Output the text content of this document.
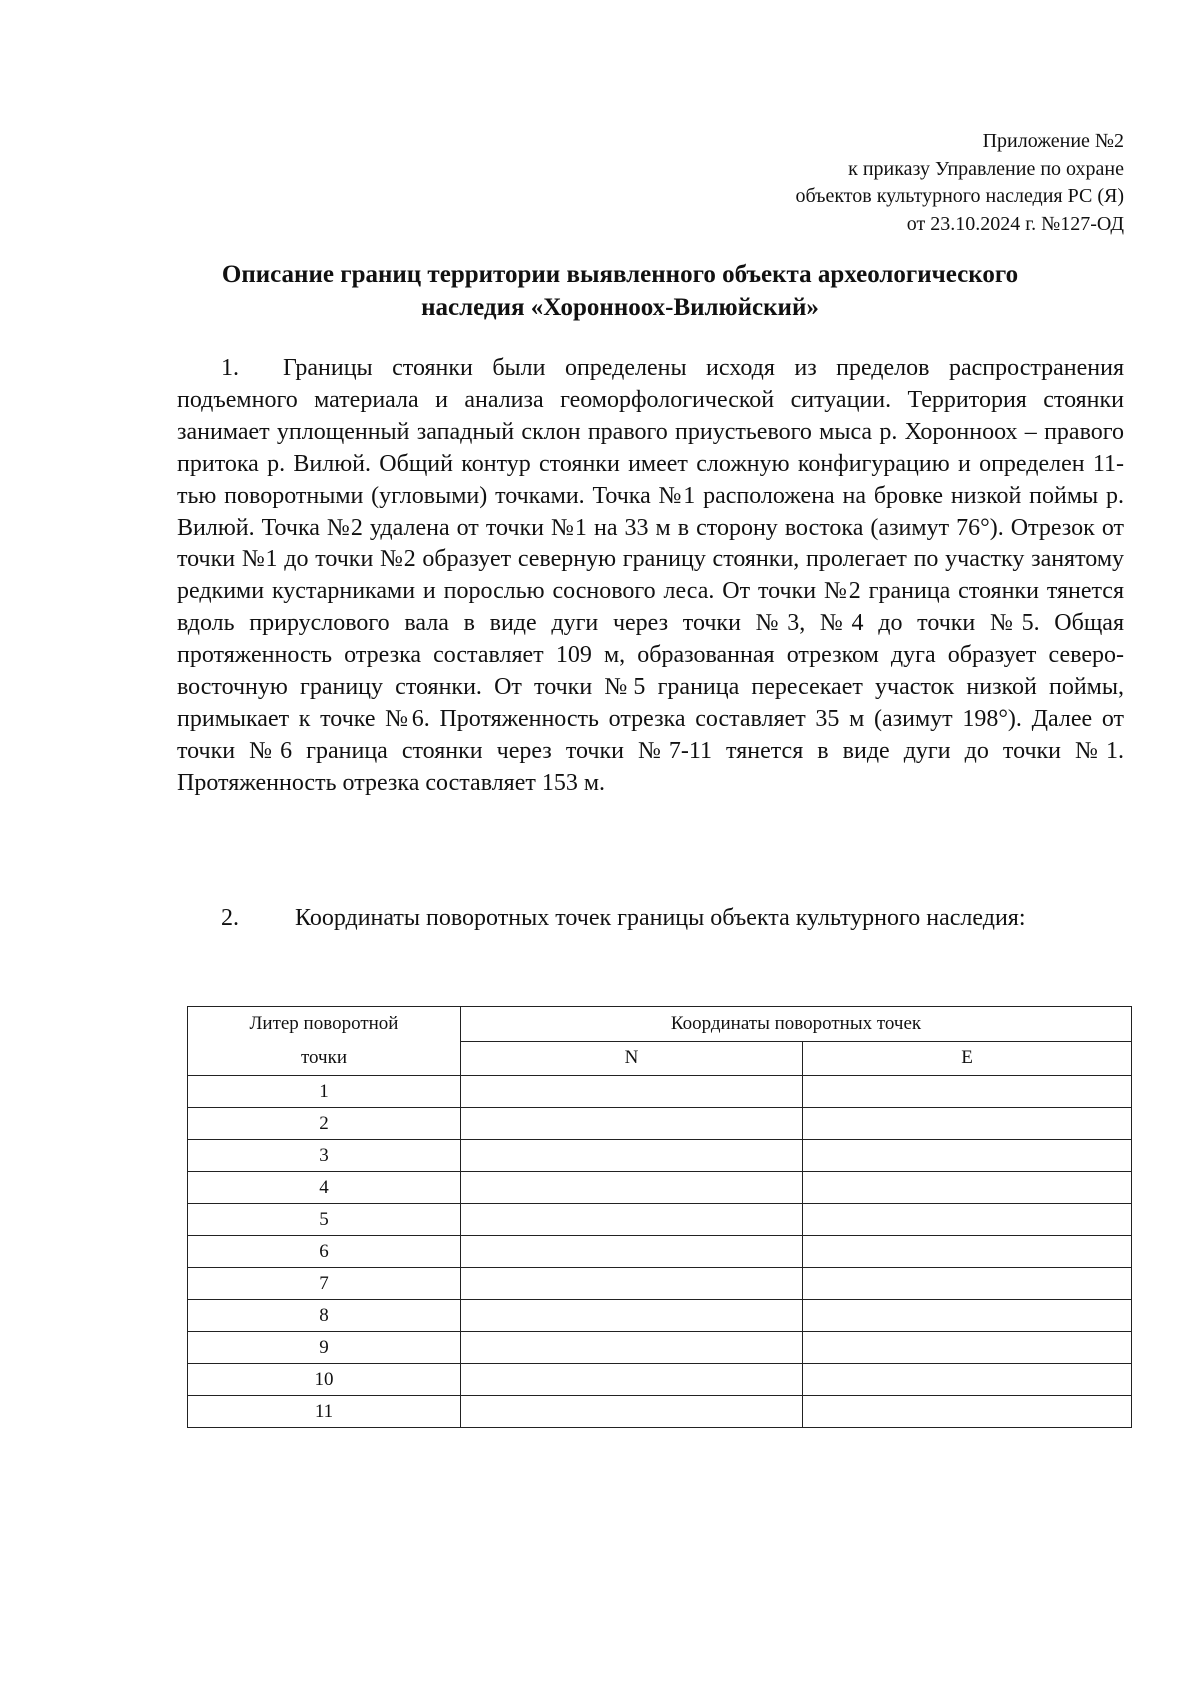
Приложение №2
к приказу Управление по охране
объектов культурного наследия РС (Я)
от 23.10.2024 г. №127-ОД
Описание границ территории выявленного объекта археологического
наследия «Хоронноох-Вилюйский»

1. Границы стоянки были определены исходя из пределов распространения подъемного материала и анализа геоморфологической ситуации. Территория стоянки занимает уплощенный западный склон правого приустьевого мыса р. Хоронноох – правого притока р. Вилюй. Общий контур стоянки имеет сложную конфигурацию и определен 11-тью поворотными (угловыми) точками. Точка №1 расположена на бровке низкой поймы р. Вилюй. Точка №2 удалена от точки №1 на 33 м в сторону востока (азимут 76°). Отрезок от точки №1 до точки №2 образует северную границу стоянки, пролегает по участку занятому редкими кустарниками и порослью соснового леса. От точки №2 граница стоянки тянется вдоль прируслового вала в виде дуги через точки №3, №4 до точки №5. Общая протяженность отрезка составляет 109 м, образованная отрезком дуга образует северо- восточную границу стоянки. От точки №5 граница пересекает участок низкой поймы, примыкает к точке №6. Протяженность отрезка составляет 35 м (азимут 198°). Далее от точки №6 граница стоянки через точки №7-11 тянется в виде дуги до точки №1. Протяженность отрезка составляет 153 м.

2. Координаты поворотных точек границы объекта культурного наследия:

Литер поворотной
точки	Координаты поворотных точек	
	N	E
1		
2		
3		
4		
5		
6		
7		
8		
9		
10		
11		
